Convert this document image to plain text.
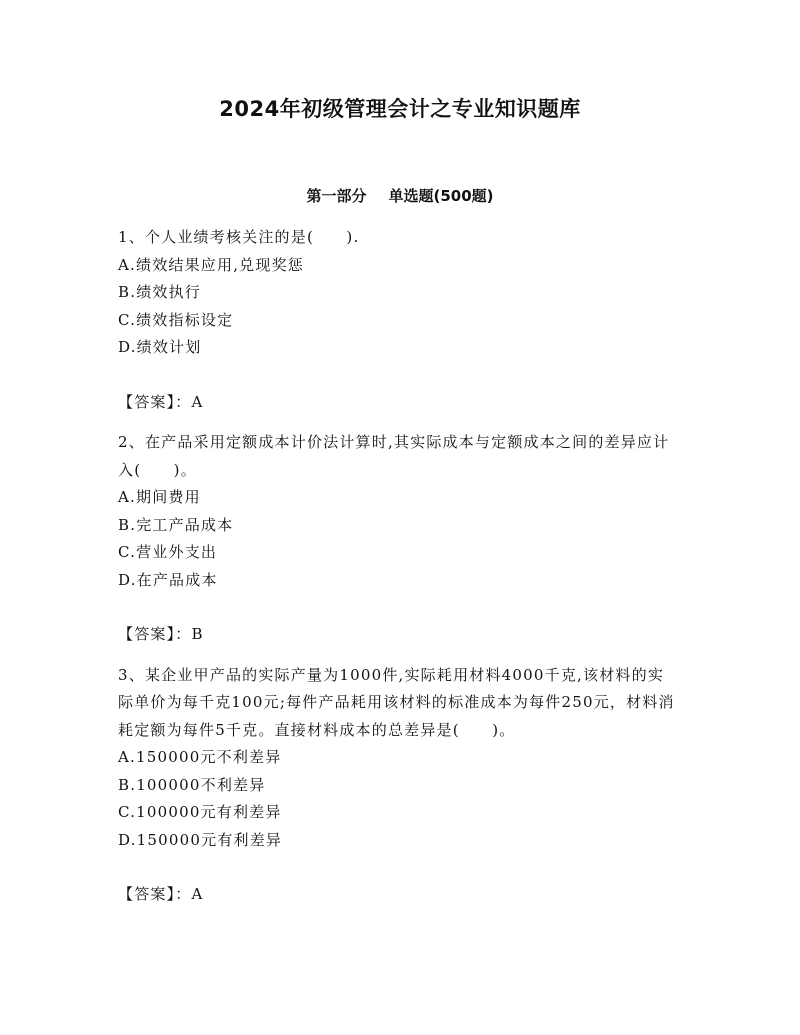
2024年初级管理会计之专业知识题库
第一部分 单选题(500题)

1、个人业绩考核关注的是(　　).

A.绩效结果应用,兑现奖惩
B.绩效执行
C.绩效指标设定
D.绩效计划

【答案】：A

2、在产品采用定额成本计价法计算时,其实际成本与定额成本之间的差异应计入(　　)。

A.期间费用
B.完工产品成本
C.营业外支出
D.在产品成本

【答案】：B

3、某企业甲产品的实际产量为1000件,实际耗用材料4000千克,该材料的实际单价为每千克100元;每件产品耗用该材料的标准成本为每件250元，材料消耗定额为每件5千克。直接材料成本的总差异是(　　)。

A.150000元不利差异
B.100000不利差异
C.100000元有利差异
D.150000元有利差异

【答案】：A
